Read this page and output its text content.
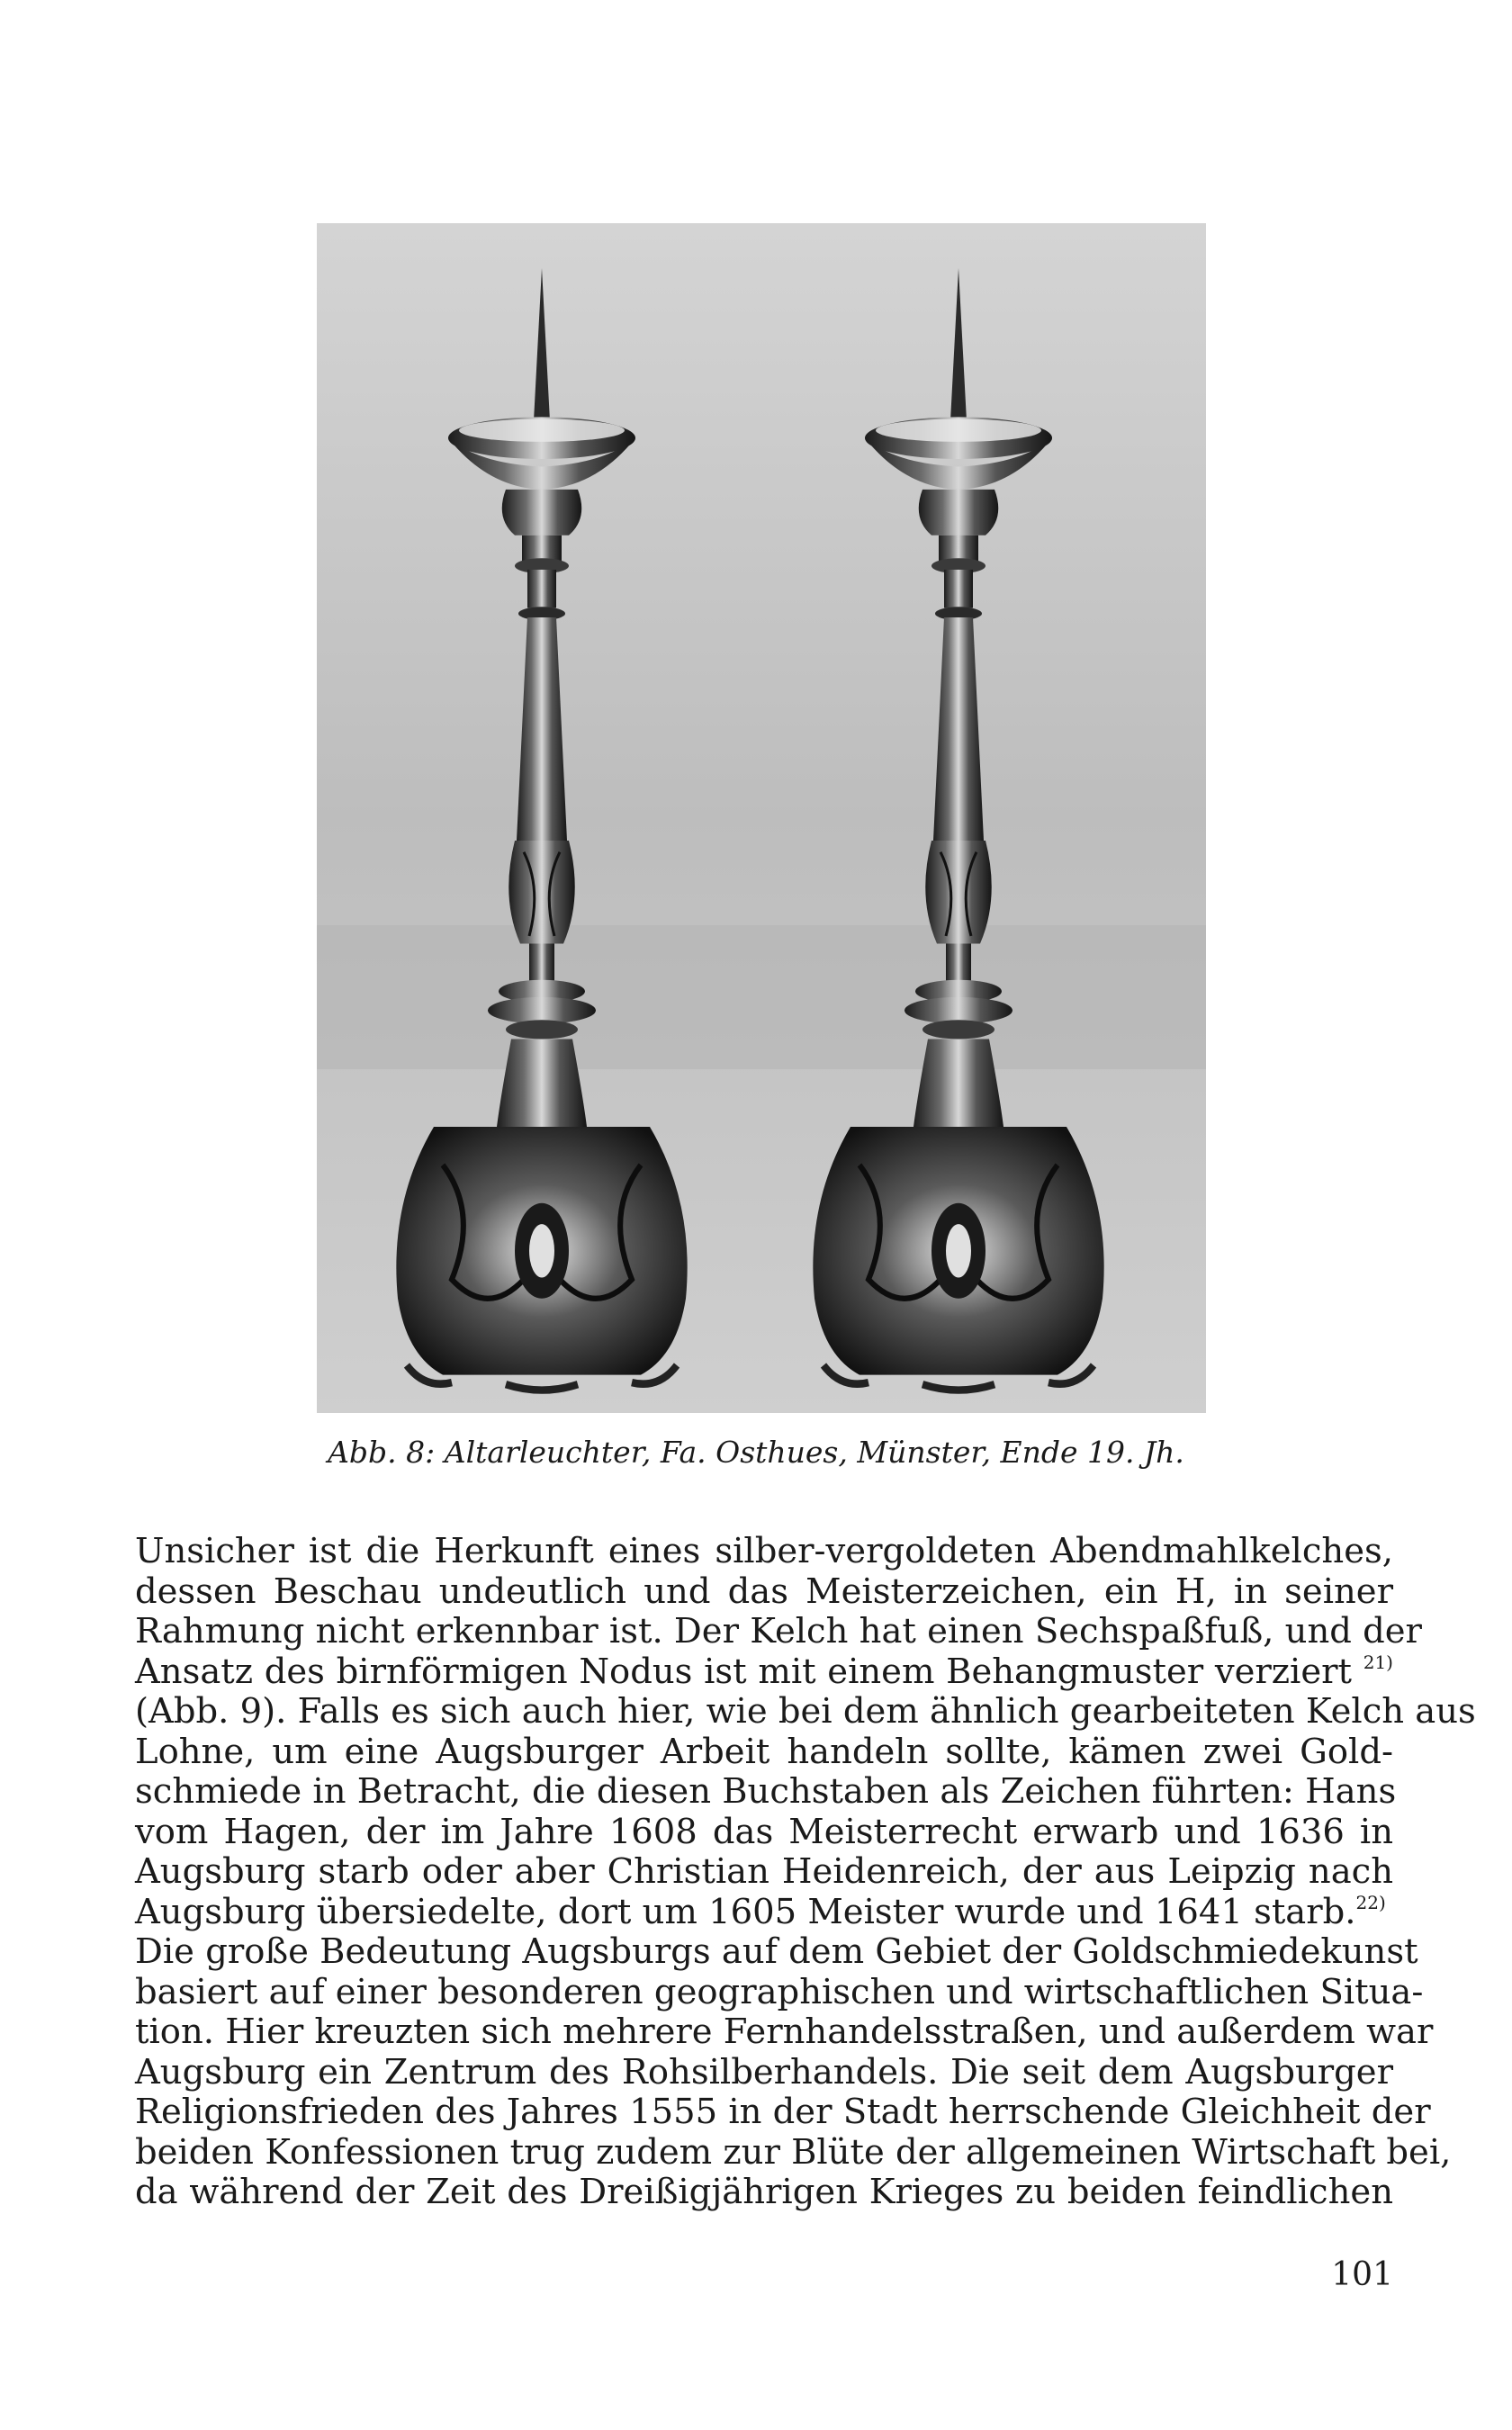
Abb. 8: Altarleuchter, Fa. Osthues, Münster, Ende 19. Jh.
Unsicher ist die Herkunft eines silber-vergoldeten Abendmahlkelches,
dessen Beschau undeutlich und das Meisterzeichen, ein H, in seiner
Rahmung nicht erkennbar ist. Der Kelch hat einen Sechspaßfuß, und der
Ansatz des birnförmigen Nodus ist mit einem Behangmuster verziert $^{21)}$
(Abb. 9). Falls es sich auch hier, wie bei dem ähnlich gearbeiteten Kelch aus
Lohne, um eine Augsburger Arbeit handeln sollte, kämen zwei Gold-
schmiede in Betracht, die diesen Buchstaben als Zeichen führten: Hans
vom Hagen, der im Jahre 1608 das Meisterrecht erwarb und 1636 in
Augsburg starb oder aber Christian Heidenreich, der aus Leipzig nach
Augsburg übersiedelte, dort um 1605 Meister wurde und 1641 starb.$^{22)}$
Die große Bedeutung Augsburgs auf dem Gebiet der Goldschmiedekunst
basiert auf einer besonderen geographischen und wirtschaftlichen Situa-
tion. Hier kreuzten sich mehrere Fernhandelsstraßen, und außerdem war
Augsburg ein Zentrum des Rohsilberhandels. Die seit dem Augsburger
Religionsfrieden des Jahres 1555 in der Stadt herrschende Gleichheit der
beiden Konfessionen trug zudem zur Blüte der allgemeinen Wirtschaft bei,
da während der Zeit des Dreißigjährigen Krieges zu beiden feindlichen
101
